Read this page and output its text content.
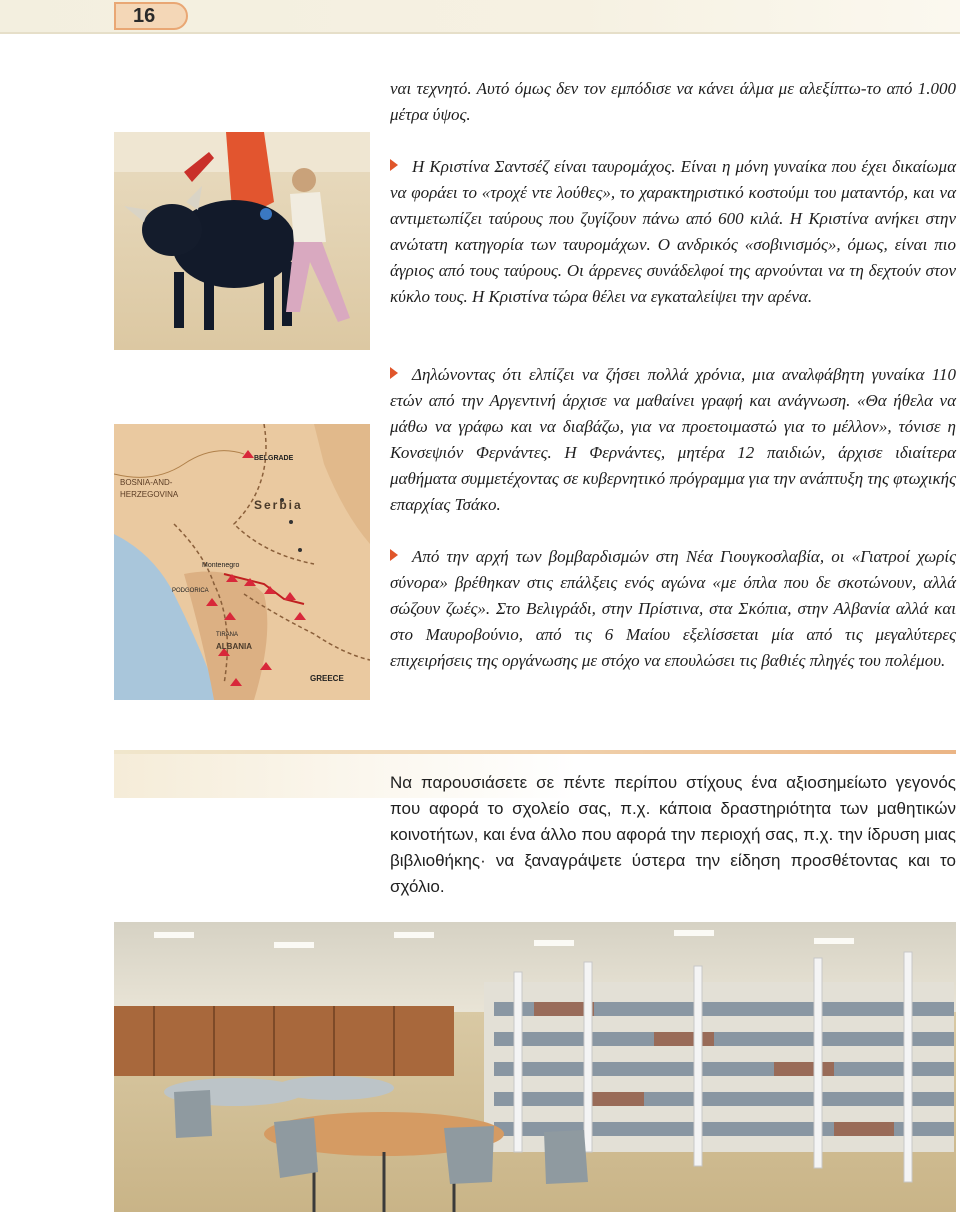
16
BELGRADE
BOSNIA-AND-
HERZEGOVINA
Serbia
Montenegro
PODGORICA
TIRANA
ALBANIA
GREECE

ναι τεχνητό. Αυτό όμως δεν τον εμπόδισε να κάνει άλμα με αλεξίπτω-το από 1.000 μέτρα ύψος.

Η Κριστίνα Σαντσέζ είναι ταυρομάχος. Είναι η μόνη γυναίκα που έχει δικαίωμα να φοράει το «τροχέ ντε λούθες», το χαρακτηριστικό κοστούμι του ματαντόρ, και να αντιμετωπίζει ταύρους που ζυγίζουν πάνω από 600 κιλά. Η Κριστίνα ανήκει στην ανώτατη κατηγορία των ταυρομάχων. Ο ανδρικός «σοβινισμός», όμως, είναι πιο άγριος από τους ταύρους. Οι άρρενες συνάδελφοί της αρνούνται να τη δεχτούν στον κύκλο τους. Η Κριστίνα τώρα θέλει να εγκαταλείψει την αρένα.

Δηλώνοντας ότι ελπίζει να ζήσει πολλά χρόνια, μια αναλφάβητη γυναίκα 110 ετών από την Αργεντινή άρχισε να μαθαίνει γραφή και ανάγνωση. «Θα ήθελα να μάθω να γράφω και να διαβάζω, για να προετοιμαστώ για το μέλλον», τόνισε η Κονσεψιόν Φερνάντες. Η Φερνάντες, μητέρα 12 παιδιών, άρχισε ιδιαίτερα μαθήματα συμμετέχοντας σε κυβερνητικό πρόγραμμα για την ανάπτυξη της φτωχικής επαρχίας Τσάκο.

Από την αρχή των βομβαρδισμών στη Νέα Γιουγκοσλαβία, οι «Γιατροί χωρίς σύνορα» βρέθηκαν στις επάλξεις ενός αγώνα «με όπλα που δε σκοτώνουν, αλλά σώζουν ζωές». Στο Βελιγράδι, στην Πρίστινα, στα Σκόπια, στην Αλβανία αλλά και στο Μαυροβούνιο, από τις 6 Μαίου εξελίσσεται μία από τις μεγαλύτερες επιχειρήσεις της οργάνωσης με στόχο να επουλώσει τις βαθιές πληγές του πολέμου.

Να παρουσιάσετε σε πέντε περίπου στίχους ένα αξιοσημείωτο γεγονός που αφορά το σχολείο σας, π.χ. κάποια δραστηριότητα των μαθητικών κοινοτήτων, και ένα άλλο που αφορά την περιοχή σας, π.χ. την ίδρυση μιας βιβλιοθήκης· να ξαναγράψετε ύστερα την είδηση προσθέτοντας και το σχόλιο.
